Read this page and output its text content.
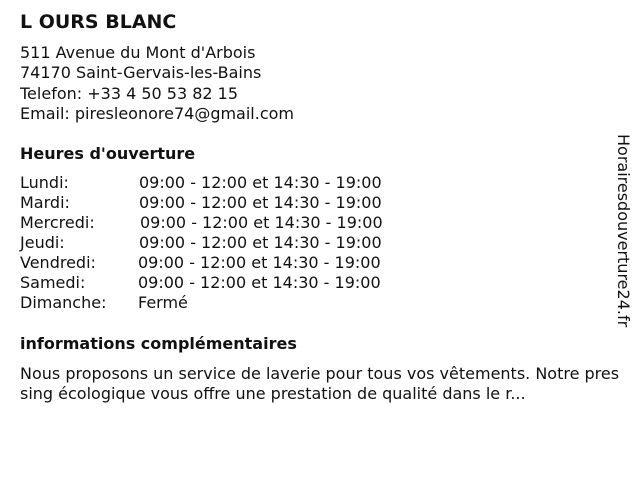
L OURS BLANC
511 Avenue du Mont d'Arbois
74170 Saint-Gervais-les-Bains
Telefon: +33 4 50 53 82 15
Email: piresleonore74@gmail.com
Heures d'ouverture
Lundi:	09:00 - 12:00 et 14:30 - 19:00
Mardi:	09:00 - 12:00 et 14:30 - 19:00
Mercredi:	09:00 - 12:00 et 14:30 - 19:00
Jeudi:	09:00 - 12:00 et 14:30 - 19:00
Vendredi:	09:00 - 12:00 et 14:30 - 19:00
Samedi:	09:00 - 12:00 et 14:30 - 19:00
Dimanche: Fermé
informations complémentaires
Nous proposons un service de laverie pour tous vos vêtements. Notre pressing écologique vous offre une prestation de qualité dans le r...
Horairesdouverture24.fr
